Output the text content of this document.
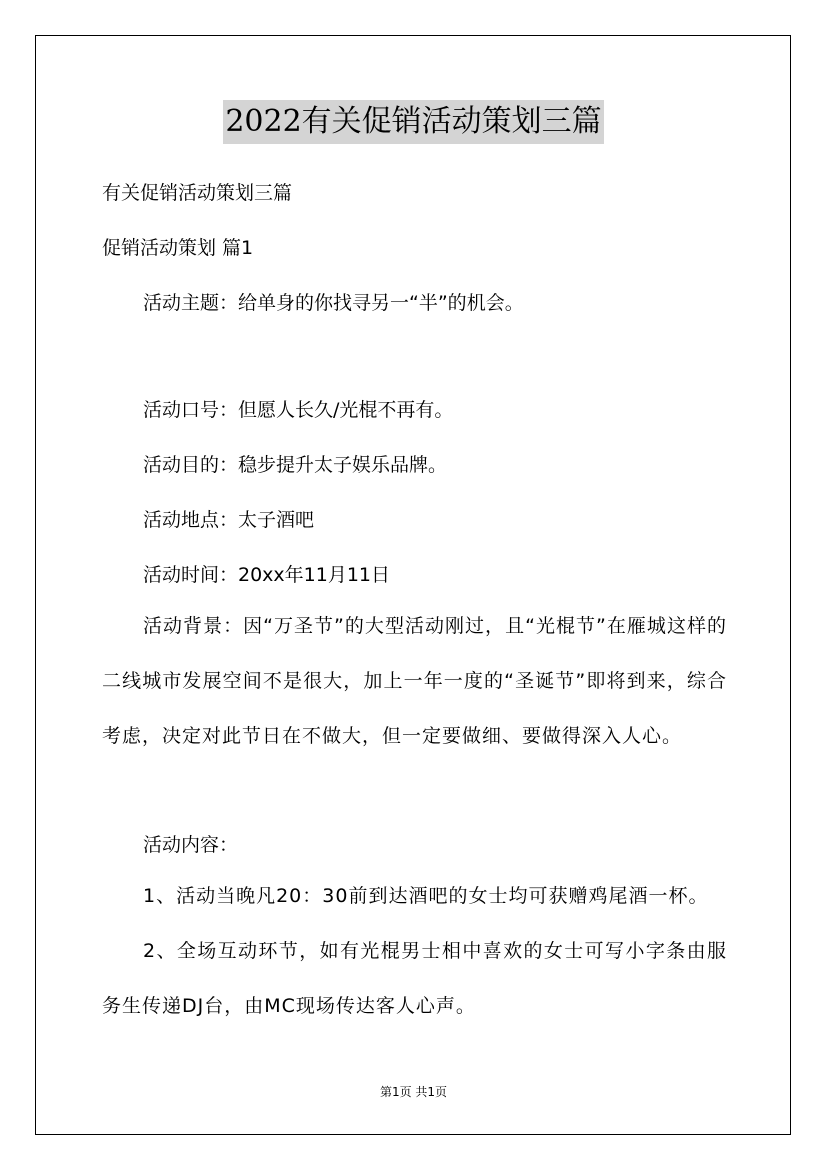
2022有关促销活动策划三篇
有关促销活动策划三篇
促销活动策划 篇1
活动主题：给单身的你找寻另一“半”的机会。
活动口号：但愿人长久/光棍不再有。
活动目的：稳步提升太子娱乐品牌。
活动地点：太子酒吧
活动时间：20xx年11月11日
活动背景：因“万圣节”的大型活动刚过，且“光棍节”在雁城这样的二线城市发展空间不是很大，加上一年一度的“圣诞节”即将到来，综合考虑，决定对此节日在不做大，但一定要做细、要做得深入人心。
活动内容：
1、活动当晚凡20：30前到达酒吧的女士均可获赠鸡尾酒一杯。
2、全场互动环节，如有光棍男士相中喜欢的女士可写小字条由服务生传递DJ台，由MC现场传达客人心声。
第1页 共1页
